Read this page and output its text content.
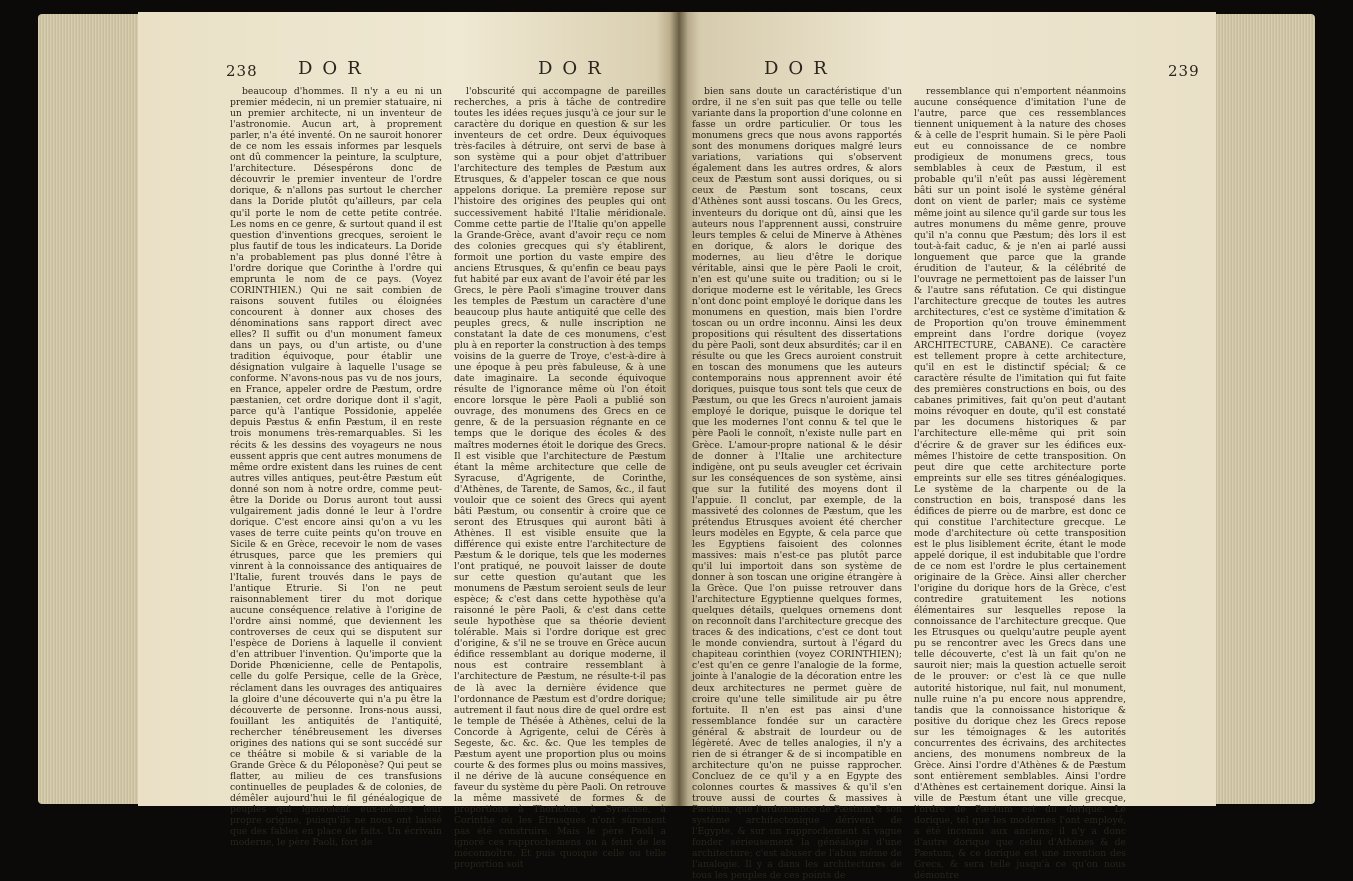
238 DOR	DOR

beaucoup d'hommes. Il n'y a eu ni un premier médecin, ni un premier statuaire, ni un premier architecte, ni un inventeur de l'astronomie. Aucun art, à proprement parler, n'a été inventé. On ne sauroit honorer de ce nom les essais informes par lesquels ont dû commencer la peinture, la sculpture, l'architecture. Désespérons donc de découvrir le premier inventeur de l'ordre dorique, & n'allons pas surtout le chercher dans la Doride plutôt qu'ailleurs, par cela qu'il porte le nom de cette petite contrée. Les noms en ce genre, & surtout quand il est question d'inventions grecques, seroient le plus fautif de tous les indicateurs. La Doride n'a probablement pas plus donné l'être à l'ordre dorique que Corinthe à l'ordre qui emprunta le nom de ce pays. (Voyez CORINTHIEN.) Qui ne sait combien de raisons souvent futiles ou éloignées concourent à donner aux choses des dénominations sans rapport direct avec elles? Il suffit ou d'un monument fameux dans un pays, ou d'un artiste, ou d'une tradition équivoque, pour établir une désignation vulgaire à laquelle l'usage se conforme. N'avons-nous pas vu de nos jours, en France, appeler ordre de Pæstum, ordre pæstanien, cet ordre dorique dont il s'agit, parce qu'à l'antique Possidonie, appelée depuis Pæstus & enfin Pæstum, il en reste trois monumens très-remarquables. Si les récits & les dessins des voyageurs ne nous eussent appris que cent autres monumens de même ordre existent dans les ruines de cent autres villes antiques, peut-être Pæstum eût donné son nom à notre ordre, comme peut-être la Doride ou Dorus auront tout aussi vulgairement jadis donné le leur à l'ordre dorique. C'est encore ainsi qu'on a vu les vases de terre cuite peints qu'on trouve en Sicile & en Grèce, recevoir le nom de vases étrusques, parce que les premiers qui vinrent à la connoissance des antiquaires de l'Italie, furent trouvés dans le pays de l'antique Etrurie. Si l'on ne peut raisonnablement tirer du mot dorique aucune conséquence relative à l'origine de l'ordre ainsi nommé, que deviennent les controverses de ceux qui se disputent sur l'espèce de Doriens à laquelle il convient d'en attribuer l'invention. Qu'importe que la Doride Phœnicienne, celle de Pentapolis, celle du golfe Persique, celle de la Grèce, réclament dans les ouvrages des antiquaires la gloire d'une découverte qui n'a pu être la découverte de personne. Irons-nous aussi, fouillant les antiquités de l'antiquité, rechercher ténébreusement les diverses origines des nations qui se sont succédé sur ce théâtre si mobile & si variable de la Grande Grèce & du Péloponèse? Qui peut se flatter, au milieu de ces transfusions continuelles de peuplades & de colonies, de démêler aujourd'hui le fil généalogique de peuples qui ignoroient eux-mêmes leur propre origine, puisqu'ils ne nous ont laissé que des fables en place de faits. Un écrivain moderne, le père Paoli, fort de

l'obscurité qui accompagne de pareilles recherches, a pris à tâche de contredire toutes les idées reçues jusqu'à ce jour sur le caractère du dorique en question & sur les inventeurs de cet ordre. Deux équivoques très-faciles à détruire, ont servi de base à son système qui a pour objet d'attribuer l'architecture des temples de Pæstum aux Etrusques, & d'appeler toscan ce que nous appelons dorique. La première repose sur l'histoire des origines des peuples qui ont successivement habité l'Italie méridionale. Comme cette partie de l'Italie qu'on appelle la Grande-Grèce, avant d'avoir reçu ce nom des colonies grecques qui s'y établirent, formoit une portion du vaste empire des anciens Etrusques, & qu'enfin ce beau pays fut habité par eux avant de l'avoir été par les Grecs, le père Paoli s'imagine trouver dans les temples de Pæstum un caractère d'une beaucoup plus haute antiquité que celle des peuples grecs, & nulle inscription ne constatant la date de ces monumens, c'est plu à en reporter la construction à des temps voisins de la guerre de Troye, c'est-à-dire à une époque à peu près fabuleuse, & à une date imaginaire. La seconde équivoque résulte de l'ignorance même où l'on étoit encore lorsque le père Paoli a publié son ouvrage, des monumens des Grecs en ce genre, & de la persuasion régnante en ce temps que le dorique des écoles & des maîtres modernes étoit le dorique des Grecs. Il est visible que l'architecture de Pæstum étant la même architecture que celle de Syracuse, d'Agrigente, de Corinthe, d'Athènes, de Tarente, de Samos, &c., il faut vouloir que ce soient des Grecs qui ayent bâti Pæstum, ou consentir à croire que ce seront des Etrusques qui auront bâti à Athènes. Il est visible ensuite que la différence qui existe entre l'architecture de Pæstum & le dorique, tels que les modernes l'ont pratiqué, ne pouvoit laisser de doute sur cette question qu'autant que les monumens de Pæstum seroient seuls de leur espèce; & c'est dans cette hypothèse qu'a raisonné le père Paoli, & c'est dans cette seule hypothèse que sa théorie devient tolérable. Mais si l'ordre dorique est grec d'origine, & s'il ne se trouve en Grèce aucun édifice ressemblant au dorique moderne, il nous est contraire ressemblant à l'architecture de Pæstum, ne résulte-t-il pas de là avec la dernière évidence que l'ordonnance de Pæstum est d'ordre dorique; autrement il faut nous dire de quel ordre est le temple de Thésée à Athènes, celui de la Concorde à Agrigente, celui de Cérès à Segeste, &c. &c. &c. Que les temples de Pæstum ayent une proportion plus ou moins courte & des formes plus ou moins massives, il ne dérive de là aucune conséquence en faveur du système du père Paoli. On retrouve la même massiveté de formes & de proportions à Thoricion, à Syracuse, à Corinthe où les Etrusques n'ont sûrement pas été construire. Mais le père Paoli a ignoré ces rapprochemens ou a feint de les méconnoître. Et puis quoique celle ou telle proportion soit

DOR	239

bien sans doute un caractéristique d'un ordre, il ne s'en suit pas que telle ou telle variante dans la proportion d'une colonne en fasse un ordre particulier. Or tous les monumens grecs que nous avons rapportés sont des monumens doriques malgré leurs variations, variations qui s'observent également dans les autres ordres, & alors ceux de Pæstum sont aussi doriques, ou si ceux de Pæstum sont toscans, ceux d'Athènes sont aussi toscans. Ou les Grecs, inventeurs du dorique ont dû, ainsi que les auteurs nous l'apprennent aussi, construire leurs temples & celui de Minerve à Athènes en dorique, & alors le dorique des modernes, au lieu d'être le dorique véritable, ainsi que le père Paoli le croit, n'en est qu'une suite ou tradition; ou si le dorique moderne est le véritable, les Grecs n'ont donc point employé le dorique dans les monumens en question, mais bien l'ordre toscan ou un ordre inconnu. Ainsi les deux propositions qui résultent des dissertations du père Paoli, sont deux absurdités; car il en résulte ou que les Grecs auroient construit en toscan des monumens que les auteurs contemporains nous apprennent avoir été doriques, puisque tous sont tels que ceux de Pæstum, ou que les Grecs n'auroient jamais employé le dorique, puisque le dorique tel que les modernes l'ont connu & tel que le père Paoli le connoît, n'existe nulle part en Grèce. L'amour-propre national & le désir de donner à l'Italie une architecture indigène, ont pu seuls aveugler cet écrivain sur les conséquences de son système, ainsi que sur la futilité des moyens dont il l'appuie. Il conclut, par exemple, de la massiveté des colonnes de Pæstum, que les prétendus Etrusques avoient été chercher leurs modèles en Egypte, & cela parce que les Egyptiens faisoient des colonnes massives: mais n'est-ce pas plutôt parce qu'il lui importoit dans son système de donner à son toscan une origine étrangère à la Grèce. Que l'on puisse retrouver dans l'architecture Egyptienne quelques formes, quelques détails, quelques ornemens dont on reconnoît dans l'architecture grecque des traces & des indications, c'est ce dont tout le monde conviendra, surtout à l'égard du chapiteau corinthien (voyez CORINTHIEN); c'est qu'en ce genre l'analogie de la forme, jointe à l'analogie de la décoration entre les deux architectures ne permet guère de croire qu'une telle similitude air pu être fortuite. Il n'en est pas ainsi d'une ressemblance fondée sur un caractère général & abstrait de lourdeur ou de légèreté. Avec de telles analogies, il n'y a rien de si étranger & de si incompatible en architecture qu'on ne puisse rapprocher. Concluez de ce qu'il y a en Egypte des colonnes courtes & massives & qu'il s'en trouve aussi de courtes & massives à Pæstum, que l'ordonnance de Pæstum & son système architectonique dérivent de l'Egypte, & sur un rapprochement si vague fonder sérieusement la généalogie d'une architecture; c'est abuser de l'abus même de l'analogie. Il y a dans les architectures de tous les peuples de ces points de

ressemblance qui n'emportent néanmoins aucune conséquence d'imitation l'une de l'autre, parce que ces ressemblances tiennent uniquement à la nature des choses & à celle de l'esprit humain. Si le père Paoli eut eu connoissance de ce nombre prodigieux de monumens grecs, tous semblables à ceux de Pæstum, il est probable qu'il n'eût pas aussi légèrement bâti sur un point isolé le système général dont on vient de parler; mais ce système même joint au silence qu'il garde sur tous les autres monumens du même genre, prouve qu'il n'a connu que Pæstum; dès lors il est tout-à-fait caduc, & je n'en ai parlé aussi longuement que parce que la grande érudition de l'auteur, & la célébrité de l'ouvrage ne permettoient pas de laisser l'un & l'autre sans réfutation. Ce qui distingue l'architecture grecque de toutes les autres architectures, c'est ce système d'imitation & de Proportion qu'on trouve éminemment empreint dans l'ordre dorique (voyez ARCHITECTURE, CABANE). Ce caractère est tellement propre à cette architecture, qu'il en est le distinctif spécial; & ce caractère résulte de l'imitation qui fut faite des premières constructions en bois, ou des cabanes primitives, fait qu'on peut d'autant moins révoquer en doute, qu'il est constaté par les documens historiques & par l'architecture elle-même qui prit soin d'écrire & de graver sur les édifices eux-mêmes l'histoire de cette transposition. On peut dire que cette architecture porte empreints sur elle ses titres généalogiques. Le système de la charpente ou de la construction en bois, transposé dans les édifices de pierre ou de marbre, est donc ce qui constitue l'architecture grecque. Le mode d'architecture où cette transposition est le plus lisiblement écrite, étant le mode appelé dorique, il est indubitable que l'ordre de ce nom est l'ordre le plus certainement originaire de la Grèce. Ainsi aller chercher l'origine du dorique hors de la Grèce, c'est contredire gratuitement les notions élémentaires sur lesquelles repose la connoissance de l'architecture grecque. Que les Etrusques ou quelqu'autre peuple ayent pu se rencontrer avec les Grecs dans une telle découverte, c'est là un fait qu'on ne sauroit nier; mais la question actuelle seroit de le prouver: or c'est là ce que nulle autorité historique, nul fait, nul monument, nulle ruine n'a pu encore nous apprendre, tandis que la connoissance historique & positive du dorique chez les Grecs repose sur les témoignages & les autorités concurrentes des écrivains, des architectes anciens, des monumens nombreux de la Grèce. Ainsi l'ordre d'Athènes & de Pæstum sont entièrement semblables. Ainsi l'ordre d'Athènes est certainement dorique. Ainsi la ville de Pæstum étant une ville grecque, l'ordre de Pæstum est du dorique. Le dorique, tel que les modernes l'ont employé, a été inconnu aux anciens; il n'y a donc d'autre dorique que celui d'Athènes & de Pæstum, & ce dorique est une invention des Grecs, & sera telle jusqu'à ce qu'on nous démontre
